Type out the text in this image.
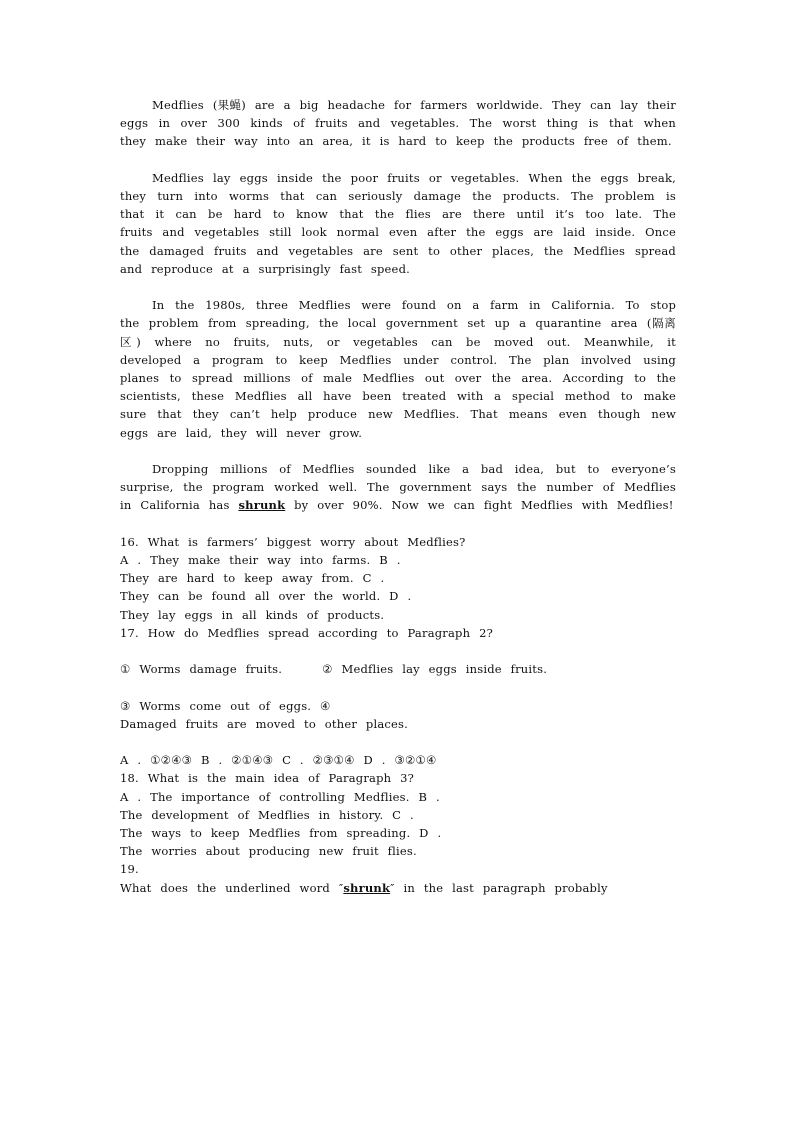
Medflies (果蝇) are a big headache for farmers worldwide. They can lay their eggs in over 300 kinds of fruits and vegetables. The worst thing is that when they make their way into an area, it is hard to keep the products free of them.

Medflies lay eggs inside the poor fruits or vegetables. When the eggs break, they turn into worms that can seriously damage the products. The problem is that it can be hard to know that the flies are there until it’s too late. The fruits and vegetables still look normal even after the eggs are laid inside. Once the damaged fruits and vegetables are sent to other places, the Medflies spread and reproduce at a surprisingly fast speed.

In the 1980s, three Medflies were found on a farm in California. To stop the problem from spreading, the local government set up a quarantine area (隔离区) where no fruits, nuts, or vegetables can be moved out. Meanwhile, it developed a program to keep Medflies under control. The plan involved using planes to spread millions of male Medflies out over the area. According to the scientists, these Medflies all have been treated with a special method to make sure that they can’t help produce new Medflies. That means even though new eggs are laid, they will never grow.

Dropping millions of Medflies sounded like a bad idea, but to everyone’s surprise, the program worked well. The government says the number of Medflies in California has shrunk by over 90%. Now we can fight Medflies with Medflies!

16. What is farmers’ biggest worry about Medflies?
A . They make their way into farms. B .
They are hard to keep away from. C .
They can be found all over the world. D .
They lay eggs in all kinds of products.
17. How do Medflies spread according to Paragraph 2?
① Worms damage fruits.	② Medflies lay eggs inside fruits.
③ Worms come out of eggs. ④
Damaged fruits are moved to other places.
A . ①②④③ B . ②①④③ C . ②③①④ D . ③②①④
18. What is the main idea of Paragraph 3?
A . The importance of controlling Medflies. B .
The development of Medflies in history. C .
The ways to keep Medflies from spreading. D .
The worries about producing new fruit flies.
19.
What does the underlined word ″shrunk″ in the last paragraph probably
